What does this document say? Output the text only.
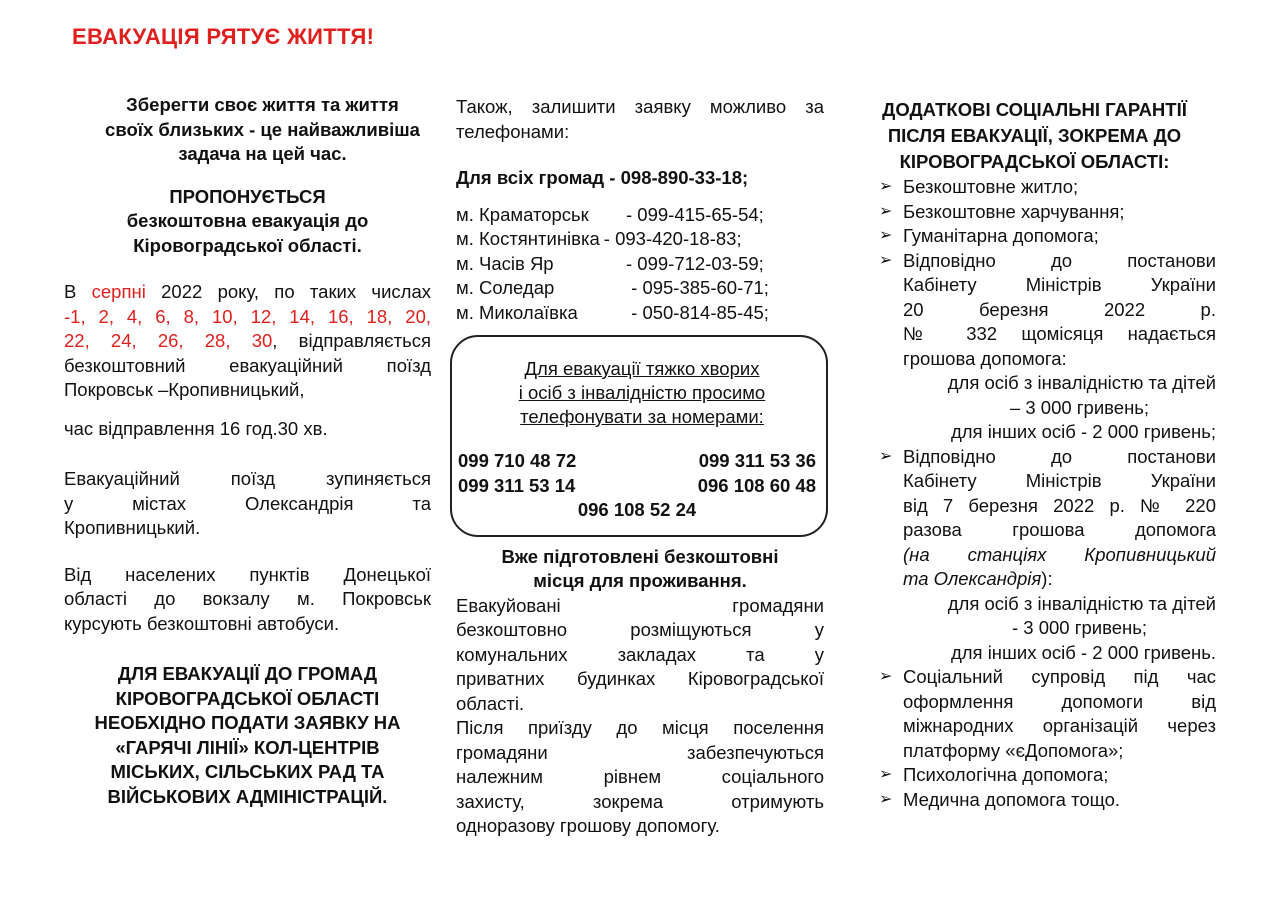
ЕВАКУАЦІЯ РЯТУЄ ЖИТТЯ!
Зберегти своє життя та життя
своїх близьких - це найважливіша
задача на цей час.
ПРОПОНУЄТЬСЯ
безкоштовна евакуація до
Кіровоградської області.
В серпні 2022 року, по таких числах
-1, 2, 4, 6, 8, 10, 12, 14, 16, 18, 20,
22, 24, 26, 28, 30, відправляється
безкоштовний евакуаційний поїзд
Покровськ –Кропивницький,
час відправлення 16 год.30 хв.
Евакуаційний поїзд зупиняється
у містах Олександрія та
Кропивницький.
Від населених пунктів Донецької
області до вокзалу м. Покровськ
курсують безкоштовні автобуси.
ДЛЯ ЕВАКУАЦІЇ ДО ГРОМАД
КІРОВОГРАДСЬКОЇ ОБЛАСТІ
НЕОБХІДНО ПОДАТИ ЗАЯВКУ НА
«ГАРЯЧІ ЛІНІЇ» КОЛ-ЦЕНТРІВ
МІСЬКИХ, СІЛЬСЬКИХ РАД ТА
ВІЙСЬКОВИХ АДМІНІСТРАЦІЙ.
Також, залишити заявку можливо за
телефонами:
Для всіх громад - 098-890-33-18;
м. Краматорськ	- 099-415-65-54;
м. Костянтинівка - 093-420-18-83;
м. Часів Яр	- 099-712-03-59;
м. Соледар	- 095-385-60-71;
м. Миколаївка	- 050-814-85-45;
Для евакуації тяжко хворих
і осіб з інвалідністю просимо
телефонувати за номерами:
099 710 48 72	099 311 53 36
099 311 53 14	096 108 60 48
096 108 52 24
Вже підготовлені безкоштовні
місця для проживання.
Евакуйовані громадяни
безкоштовно розміщуються у
комунальних закладах та у
приватних будинках Кіровоградської
області.
Після приїзду до місця поселення
громадяни забезпечуються
належним рівнем соціального
захисту, зокрема отримують
одноразову грошову допомогу.
ДОДАТКОВІ СОЦІАЛЬНІ ГАРАНТІЇ
ПІСЛЯ ЕВАКУАЦІЇ, ЗОКРЕМА ДО
КІРОВОГРАДСЬКОЇ ОБЛАСТІ:
➢ Безкоштовне житло;
➢ Безкоштовне харчування;
➢ Гуманітарна допомога;
➢ Відповідно до постанови
Кабінету Міністрів України
20 березня 2022 р.
№ 332 щомісяця надається
грошова допомога:
для осіб з інвалідністю та дітей
– 3 000 гривень;
для інших осіб - 2 000 гривень;
➢ Відповідно до постанови
Кабінету Міністрів України
від 7 березня 2022 р. № 220
разова грошова допомога
(на станціях Кропивницький
та Олександрія):
для осіб з інвалідністю та дітей
- 3 000 гривень;
для інших осіб - 2 000 гривень.
➢ Соціальний супровід під час
оформлення допомоги від
міжнародних організацій через
платформу «єДопомога»;
➢ Психологічна допомога;
➢ Медична допомога тощо.
